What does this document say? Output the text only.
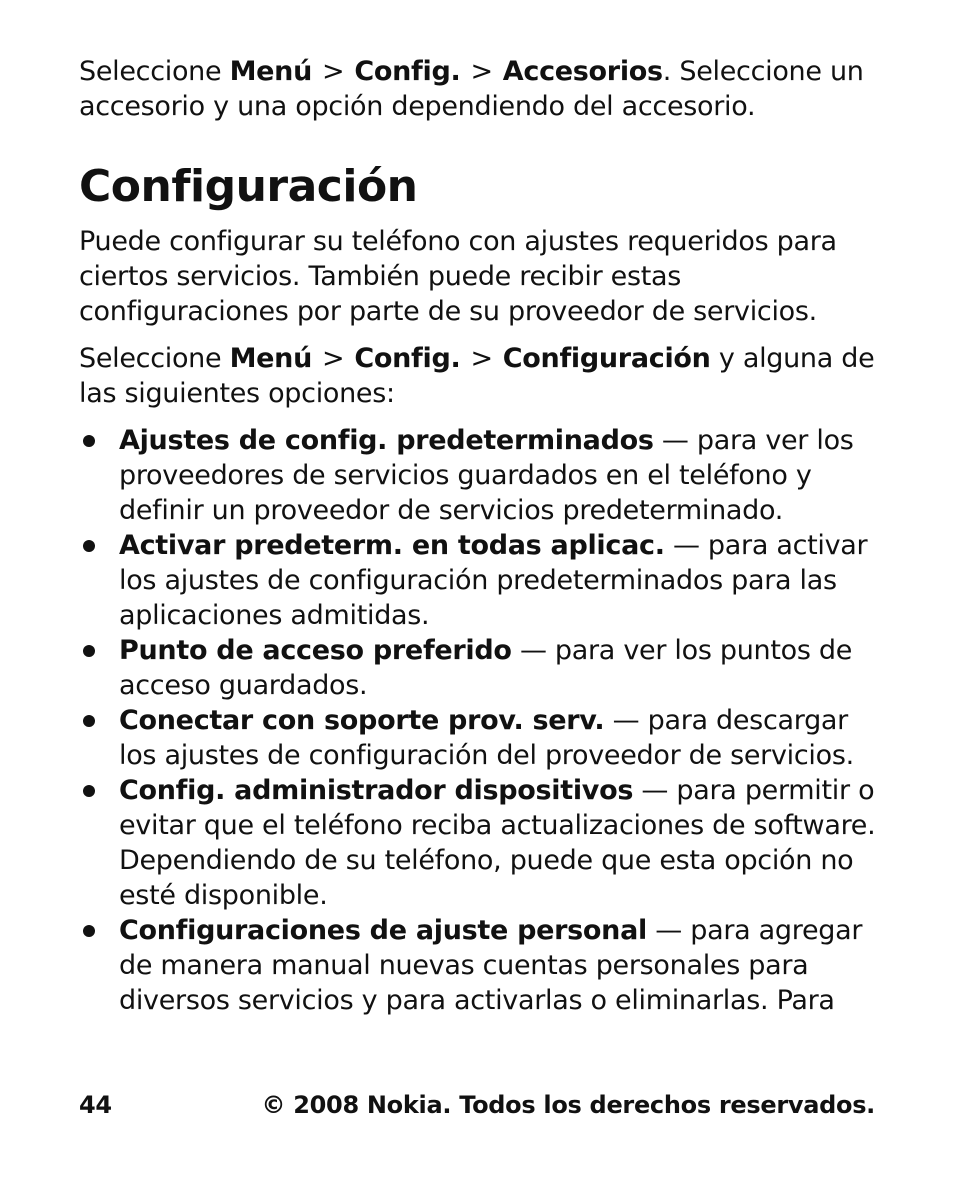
Seleccione Menú > Config. > Accesorios. Seleccione un accesorio y una opción dependiendo del accesorio.

Configuración

Puede configurar su teléfono con ajustes requeridos para ciertos servicios. También puede recibir estas configuraciones por parte de su proveedor de servicios.

Seleccione Menú > Config. > Configuración y alguna de las siguientes opciones:

Ajustes de config. predeterminados — para ver los proveedores de servicios guardados en el teléfono y definir un proveedor de servicios predeterminado.
Activar predeterm. en todas aplicac. — para activar los ajustes de configuración predeterminados para las aplicaciones admitidas.
Punto de acceso preferido — para ver los puntos de acceso guardados.
Conectar con soporte prov. serv. — para descargar los ajustes de configuración del proveedor de servicios.
Config. administrador dispositivos — para permitir o evitar que el teléfono reciba actualizaciones de software. Dependiendo de su teléfono, puede que esta opción no esté disponible.
Configuraciones de ajuste personal — para agregar de manera manual nuevas cuentas personales para diversos servicios y para activarlas o eliminarlas. Para
44	© 2008 Nokia. Todos los derechos reservados.
